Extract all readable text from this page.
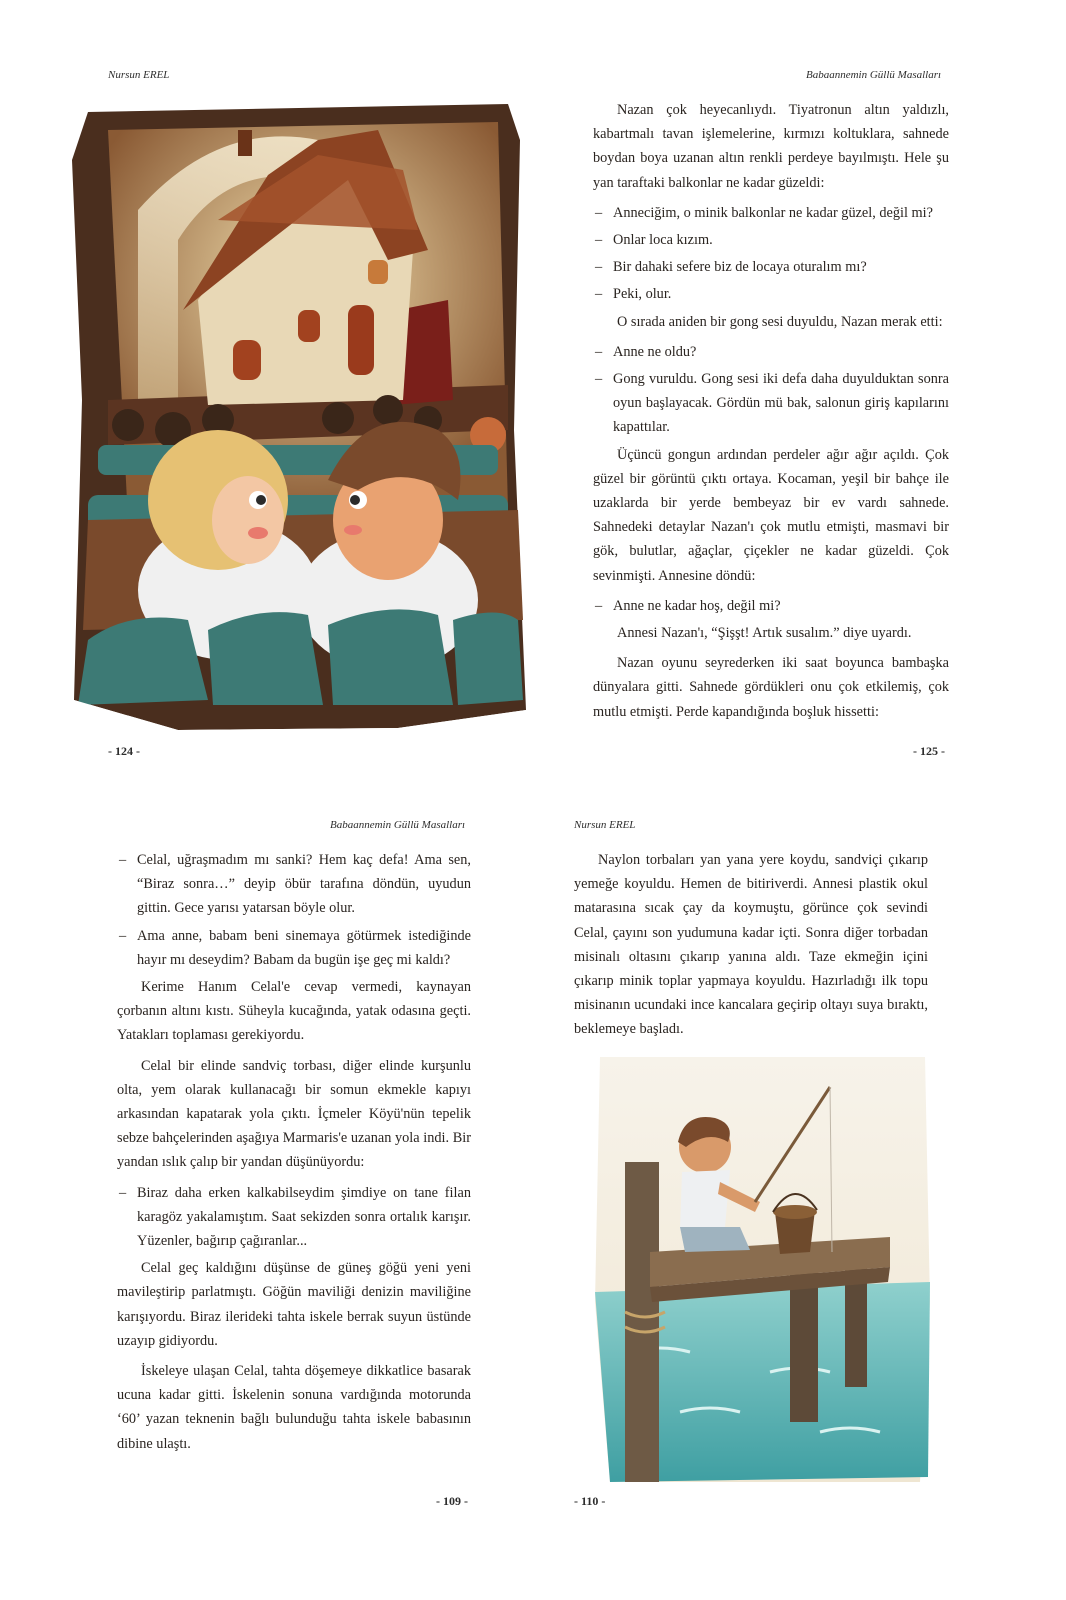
Nursun EREL
- 124 -
Babaannemin Güllü Masalları

Nazan çok heyecanlıydı. Tiyatronun altın yaldızlı, kabartmalı tavan işlemelerine, kırmızı koltuklara, sahnede boydan boya uzanan altın renkli perdeye bayılmıştı. Hele şu yan taraftaki balkonlar ne kadar güzeldi:

– Anneciğim, o minik balkonlar ne kadar güzel, değil mi?
– Onlar loca kızım.
– Bir dahaki sefere biz de locaya oturalım mı?
– Peki, olur.

O sırada aniden bir gong sesi duyuldu, Nazan merak etti:

– Anne ne oldu?
– Gong vuruldu. Gong sesi iki defa daha duyulduktan sonra oyun başlayacak. Gördün mü bak, salonun giriş kapılarını kapattılar.

Üçüncü gongun ardından perdeler ağır ağır açıldı. Çok güzel bir görüntü çıktı ortaya. Kocaman, yeşil bir bahçe ile uzaklarda bir yerde bembeyaz bir ev vardı sahnede. Sahnedeki detaylar Nazan'ı çok mutlu etmişti, masmavi bir gök, bulutlar, ağaçlar, çiçekler ne kadar güzeldi. Çok sevinmişti. Annesine döndü:

– Anne ne kadar hoş, değil mi?

Annesi Nazan'ı, “Şişşt! Artık susalım.” diye uyardı.

Nazan oyunu seyrederken iki saat boyunca bambaşka dünyalara gitti. Sahnede gördükleri onu çok etkilemiş, çok mutlu etmişti. Perde kapandığında boşluk hissetti:

- 125 -
Babaannemin Güllü Masalları
– Celal, uğraşmadım mı sanki? Hem kaç defa! Ama sen, “Biraz sonra…” deyip öbür tarafına döndün, uyudun gittin. Gece yarısı yatarsan böyle olur.
– Ama anne, babam beni sinemaya götürmek istediğinde hayır mı deseydim? Babam da bugün işe geç mi kaldı?

Kerime Hanım Celal'e cevap vermedi, kaynayan çorbanın altını kıstı. Süheyla kucağında, yatak odasına geçti. Yatakları toplaması gerekiyordu.

Celal bir elinde sandviç torbası, diğer elinde kurşunlu olta, yem olarak kullanacağı bir somun ekmekle kapıyı arkasından kapatarak yola çıktı. İçmeler Köyü'nün tepelik sebze bahçelerinden aşağıya Marmaris'e uzanan yola indi. Bir yandan ıslık çalıp bir yandan düşünüyordu:

– Biraz daha erken kalkabilseydim şimdiye on tane filan karagöz yakalamıştım. Saat sekizden sonra ortalık karışır. Yüzenler, bağırıp çağıranlar...

Celal geç kaldığını düşünse de güneş göğü yeni yeni mavileştirip parlatmıştı. Göğün maviliği denizin maviliğine karışıyordu. Biraz ilerideki tahta iskele berrak suyun üstünde uzayıp gidiyordu.

İskeleye ulaşan Celal, tahta döşemeye dikkatlice basarak ucuna kadar gitti. İskelenin sonuna vardığında motorunda ‘60’ yazan teknenin bağlı bulunduğu tahta iskele babasının dibine ulaştı.

- 109 -
Nursun EREL

Naylon torbaları yan yana yere koydu, sandviçi çıkarıp yemeğe koyuldu. Hemen de bitiriverdi. Annesi plastik okul matarasına sıcak çay da koymuştu, görünce çok sevindi Celal, çayını son yudumuna kadar içti. Sonra diğer torbadan misinalı oltasını çıkarıp yanına aldı. Taze ekmeğin içini çıkarıp minik toplar yapmaya koyuldu. Hazırladığı ilk topu misinanın ucundaki ince kancalara geçirip oltayı suya bıraktı, beklemeye başladı.

- 110 -
